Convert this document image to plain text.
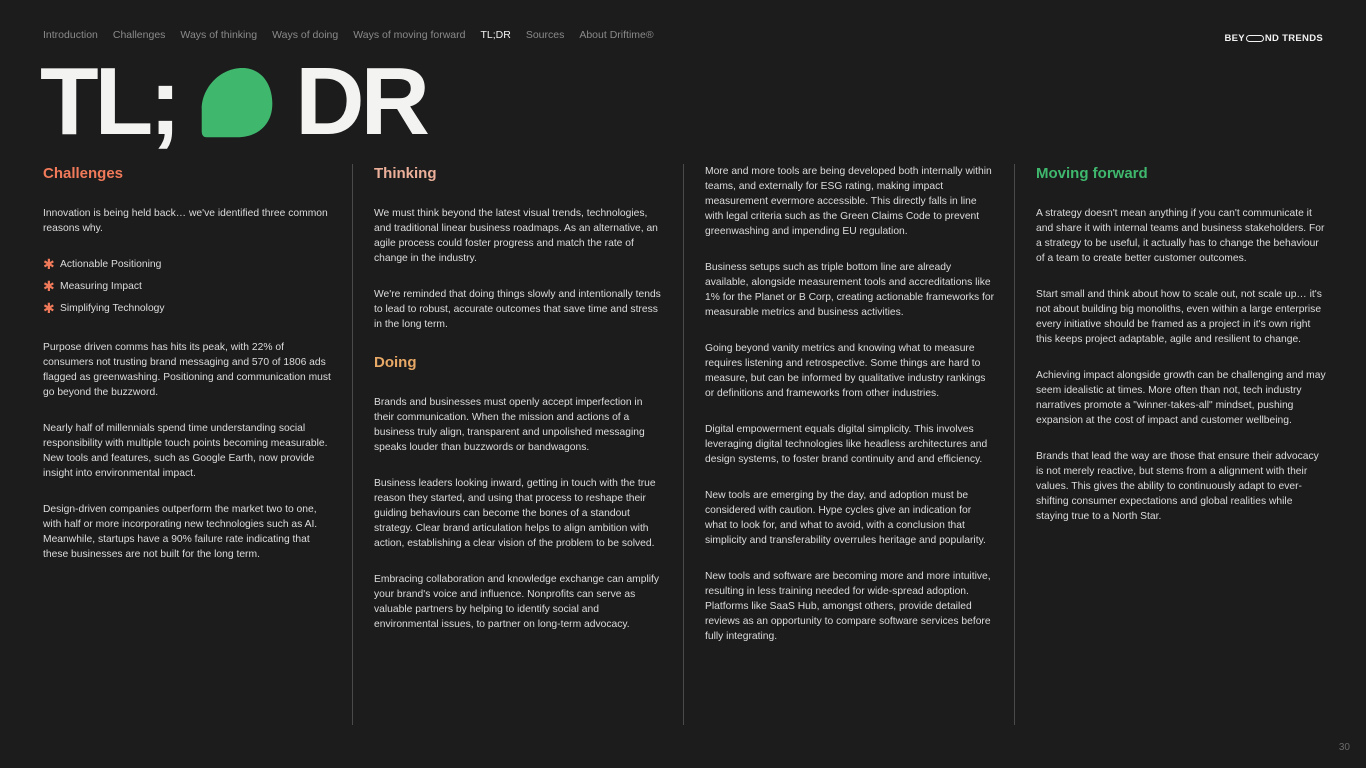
Introduction Challenges Ways of thinking Ways of doing Ways of moving forward TL;DR Sources About Driftime®	BEY ND TRENDS
TL; DR
Challenges

Innovation is being held back… we've identified three common reasons why.

✱ Actionable Positioning
✱ Measuring Impact
✱ Simplifying Technology

Purpose driven comms has hits its peak, with 22% of consumers not trusting brand messaging and 570 of 1806 ads flagged as greenwashing. Positioning and communication must go beyond the buzzword.

Nearly half of millennials spend time understanding social responsibility with multiple touch points becoming measurable. New tools and features, such as Google Earth, now provide insight into environmental impact.

Design-driven companies outperform the market two to one, with half or more incorporating new technologies such as AI. Meanwhile, startups have a 90% failure rate indicating that these businesses are not built for the long term.

Thinking

We must think beyond the latest visual trends, technologies, and traditional linear business roadmaps. As an alternative, an agile process could foster progress and match the rate of change in the industry.

We're reminded that doing things slowly and intentionally tends to lead to robust, accurate outcomes that save time and stress in the long term.

Doing

Brands and businesses must openly accept imperfection in their communication. When the mission and actions of a business truly align, transparent and unpolished messaging speaks louder than buzzwords or bandwagons.

Business leaders looking inward, getting in touch with the true reason they started, and using that process to reshape their guiding behaviours can become the bones of a standout strategy. Clear brand articulation helps to align ambition with action, establishing a clear vision of the problem to be solved.

Embracing collaboration and knowledge exchange can amplify your brand's voice and influence. Nonprofits can serve as valuable partners by helping to identify social and environmental issues, to partner on long-term advocacy.

More and more tools are being developed both internally within teams, and externally for ESG rating, making impact measurement evermore accessible. This directly falls in line with legal criteria such as the Green Claims Code to prevent greenwashing and impending EU regulation.

Business setups such as triple bottom line are already available, alongside measurement tools and accreditations like 1% for the Planet or B Corp, creating actionable frameworks for measurable metrics and business activities.

Going beyond vanity metrics and knowing what to measure requires listening and retrospective. Some things are hard to measure, but can be informed by qualitative industry rankings or definitions and frameworks from other industries.

Digital empowerment equals digital simplicity. This involves leveraging digital technologies like headless architectures and design systems, to foster brand continuity and and efficiency.

New tools are emerging by the day, and adoption must be considered with caution. Hype cycles give an indication for what to look for, and what to avoid, with a conclusion that simplicity and transferability overrules heritage and popularity.

New tools and software are becoming more and more intuitive, resulting in less training needed for wide-spread adoption. Platforms like SaaS Hub, amongst others, provide detailed reviews as an opportunity to compare software services before fully integrating.

Moving forward

A strategy doesn't mean anything if you can't communicate it and share it with internal teams and business stakeholders. For a strategy to be useful, it actually has to change the behaviour of a team to create better customer outcomes.

Start small and think about how to scale out, not scale up… it's not about building big monoliths, even within a large enterprise every initiative should be framed as a project in it's own right this keeps project adaptable, agile and resilient to change.

Achieving impact alongside growth can be challenging and may seem idealistic at times. More often than not, tech industry narratives promote a "winner-takes-all" mindset, pushing expansion at the cost of impact and customer wellbeing.

Brands that lead the way are those that ensure their advocacy is not merely reactive, but stems from a alignment with their values. This gives the ability to continuously adapt to ever-shifting consumer expectations and global realities while staying true to a North Star.

30
